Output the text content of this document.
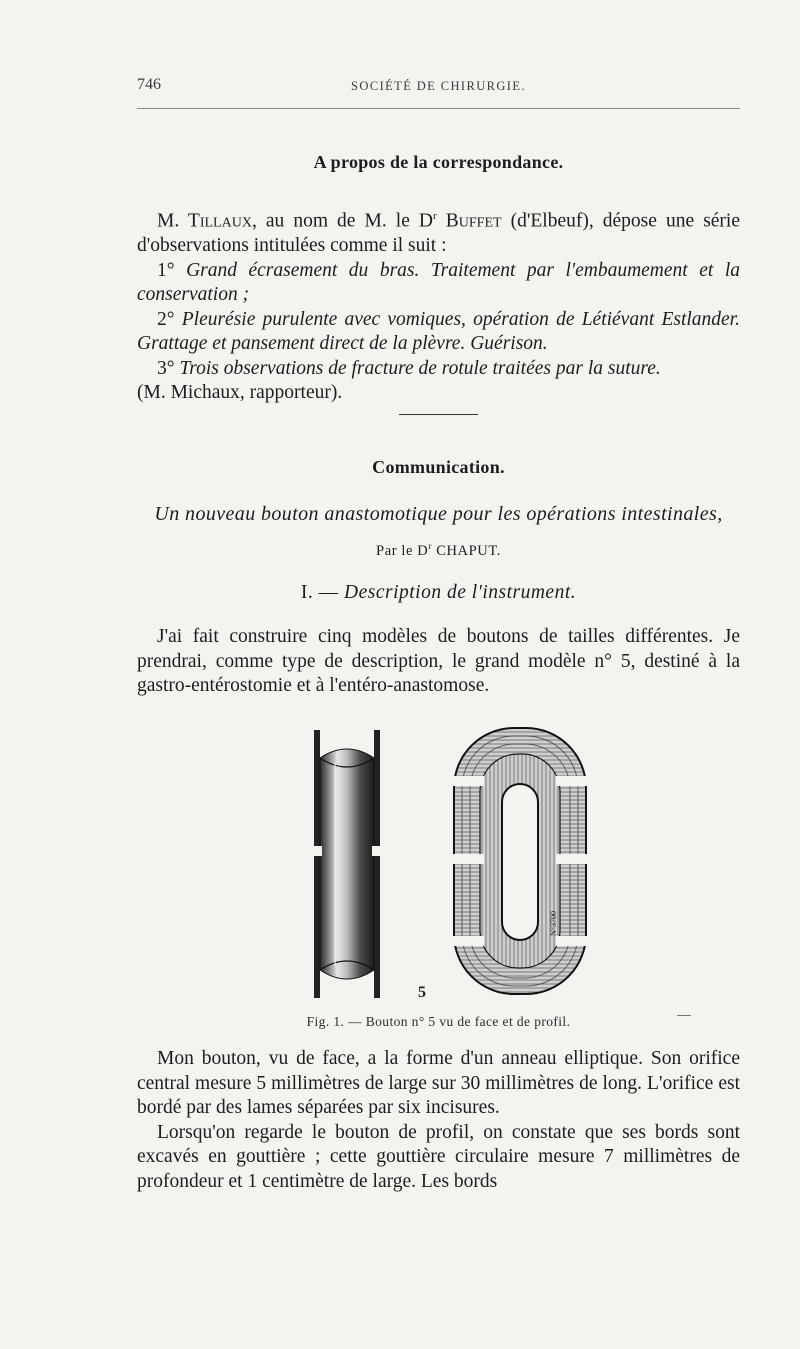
746	SOCIÉTÉ DE CHIRURGIE.
A propos de la correspondance.

M. Tillaux, au nom de M. le $D^r$ Buffet (d'Elbeuf), dépose une série d'observations intitulées comme il suit :

1° Grand écrasement du bras. Traitement par l'embaumement et la conservation ;

2° Pleurésie purulente avec vomiques, opération de Létiévant Estlander. Grattage et pansement direct de la plèvre. Guérison.

3° Trois observations de fracture de rotule traitées par la suture.

(M. Michaux, rapporteur).

Communication.
Un nouveau bouton anastomotique pour les opérations intestinales,
Par le $D^r$ CHAPUT.
I. — Description de l'instrument.

J'ai fait construire cinq modèles de boutons de tailles différentes. Je prendrai, comme type de description, le grand modèle n° 5, destiné à la gastro-entérostomie et à l'entéro-anastomose.

N°3700
5
Fig. 1. — Bouton n° 5 vu de face et de profil.

Mon bouton, vu de face, a la forme d'un anneau elliptique. Son orifice central mesure 5 millimètres de large sur 30 millimètres de long. L'orifice est bordé par des lames séparées par six incisures.

Lorsqu'on regarde le bouton de profil, on constate que ses bords sont excavés en gouttière ; cette gouttière circulaire mesure 7 millimètres de profondeur et 1 centimètre de large. Les bords
